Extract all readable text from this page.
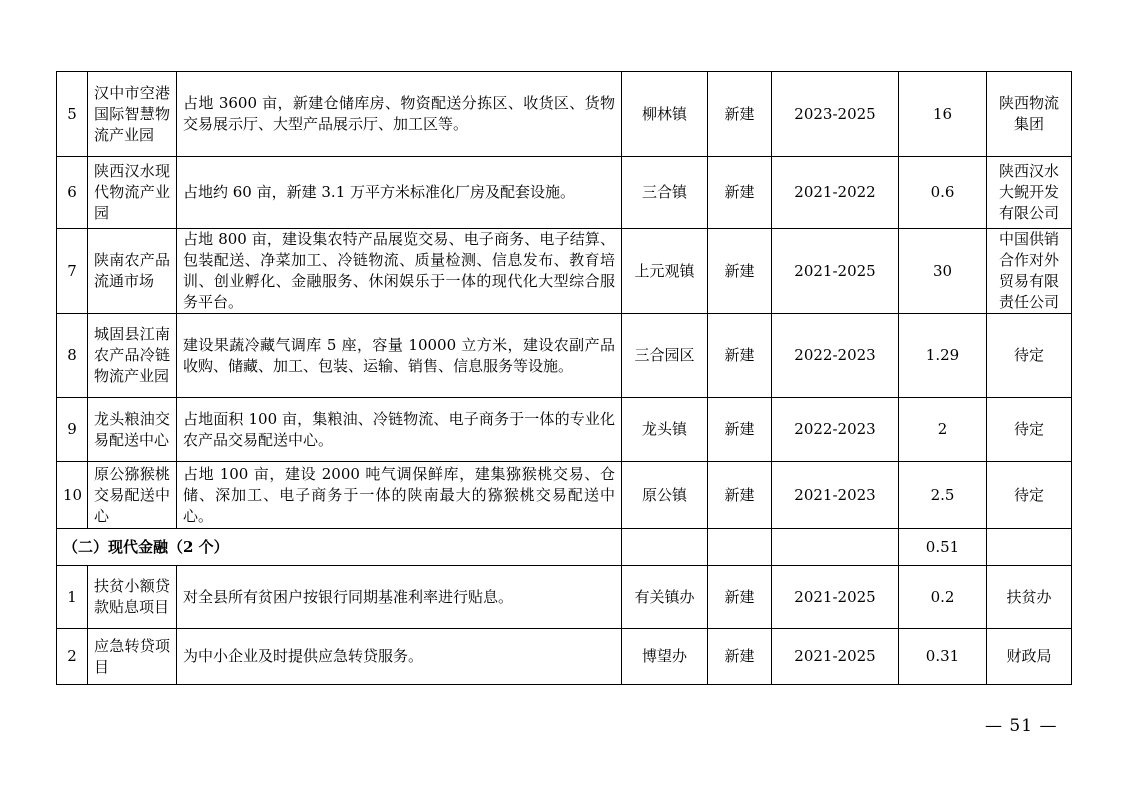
5	汉中市空港国际智慧物流产业园	占地 3600 亩，新建仓储库房、物资配送分拣区、收货区、货物交易展示厅、大型产品展示厅、加工区等。	柳林镇	新建	2023-2025	16	陕西物流集团
6	陕西汉水现代物流产业园	占地约 60 亩，新建 3.1 万平方米标准化厂房及配套设施。	三合镇	新建	2021-2022	0.6	陕西汉水大鲵开发有限公司
7	陕南农产品流通市场	占地 800 亩，建设集农特产品展览交易、电子商务、电子结算、包装配送、净菜加工、冷链物流、质量检测、信息发布、教育培训、创业孵化、金融服务、休闲娱乐于一体的现代化大型综合服务平台。	上元观镇	新建	2021-2025	30	中国供销合作对外贸易有限责任公司
8	城固县江南农产品冷链物流产业园	建设果蔬冷藏气调库 5 座，容量 10000 立方米，建设农副产品收购、储藏、加工、包装、运输、销售、信息服务等设施。	三合园区	新建	2022-2023	1.29	待定
9	龙头粮油交易配送中心	占地面积 100 亩，集粮油、冷链物流、电子商务于一体的专业化农产品交易配送中心。	龙头镇	新建	2022-2023	2	待定
10	原公猕猴桃交易配送中心	占地 100 亩，建设 2000 吨气调保鲜库，建集猕猴桃交易、仓储、深加工、电子商务于一体的陕南最大的猕猴桃交易配送中心。	原公镇	新建	2021-2023	2.5	待定
（二）现代金融（2 个）						0.51	
1	扶贫小额贷款贴息项目	对全县所有贫困户按银行同期基准利率进行贴息。	有关镇办	新建	2021-2025	0.2	扶贫办
2	应急转贷项目	为中小企业及时提供应急转贷服务。	博望办	新建	2021-2025	0.31	财政局
— 51 —
